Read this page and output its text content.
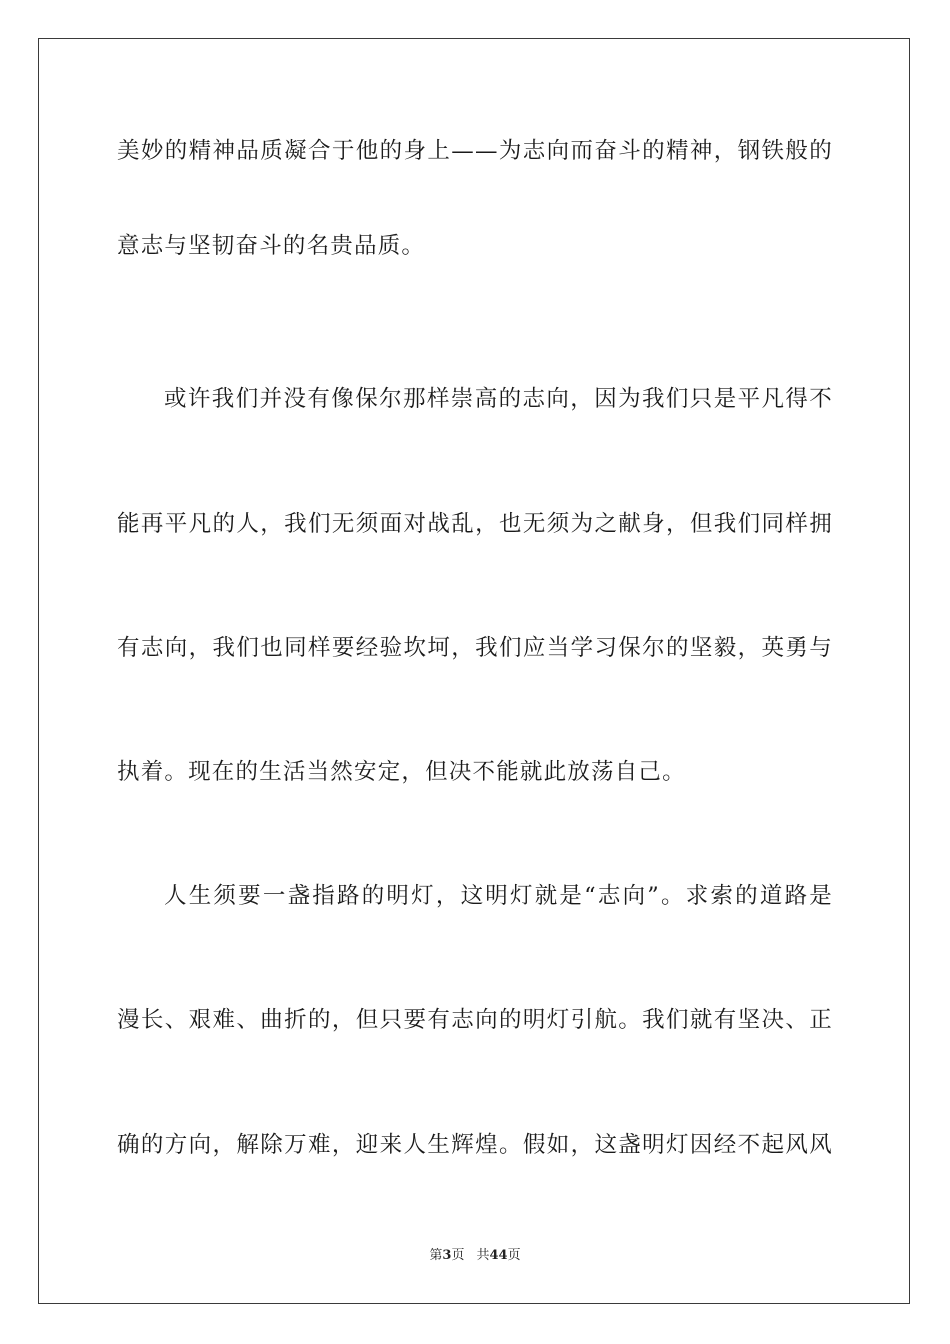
美妙的精神品质凝合于他的身上——为志向而奋斗的精神，钢铁般的
意志与坚韧奋斗的名贵品质。
或许我们并没有像保尔那样崇高的志向，因为我们只是平凡得不
能再平凡的人，我们无须面对战乱，也无须为之献身，但我们同样拥
有志向，我们也同样要经验坎坷，我们应当学习保尔的坚毅，英勇与
执着。现在的生活当然安定，但决不能就此放荡自己。
人生须要一盏指路的明灯，这明灯就是“志向”。求索的道路是
漫长、艰难、曲折的，但只要有志向的明灯引航。我们就有坚决、正
确的方向，解除万难，迎来人生辉煌。假如，这盏明灯因经不起风风
第3页 共44页
